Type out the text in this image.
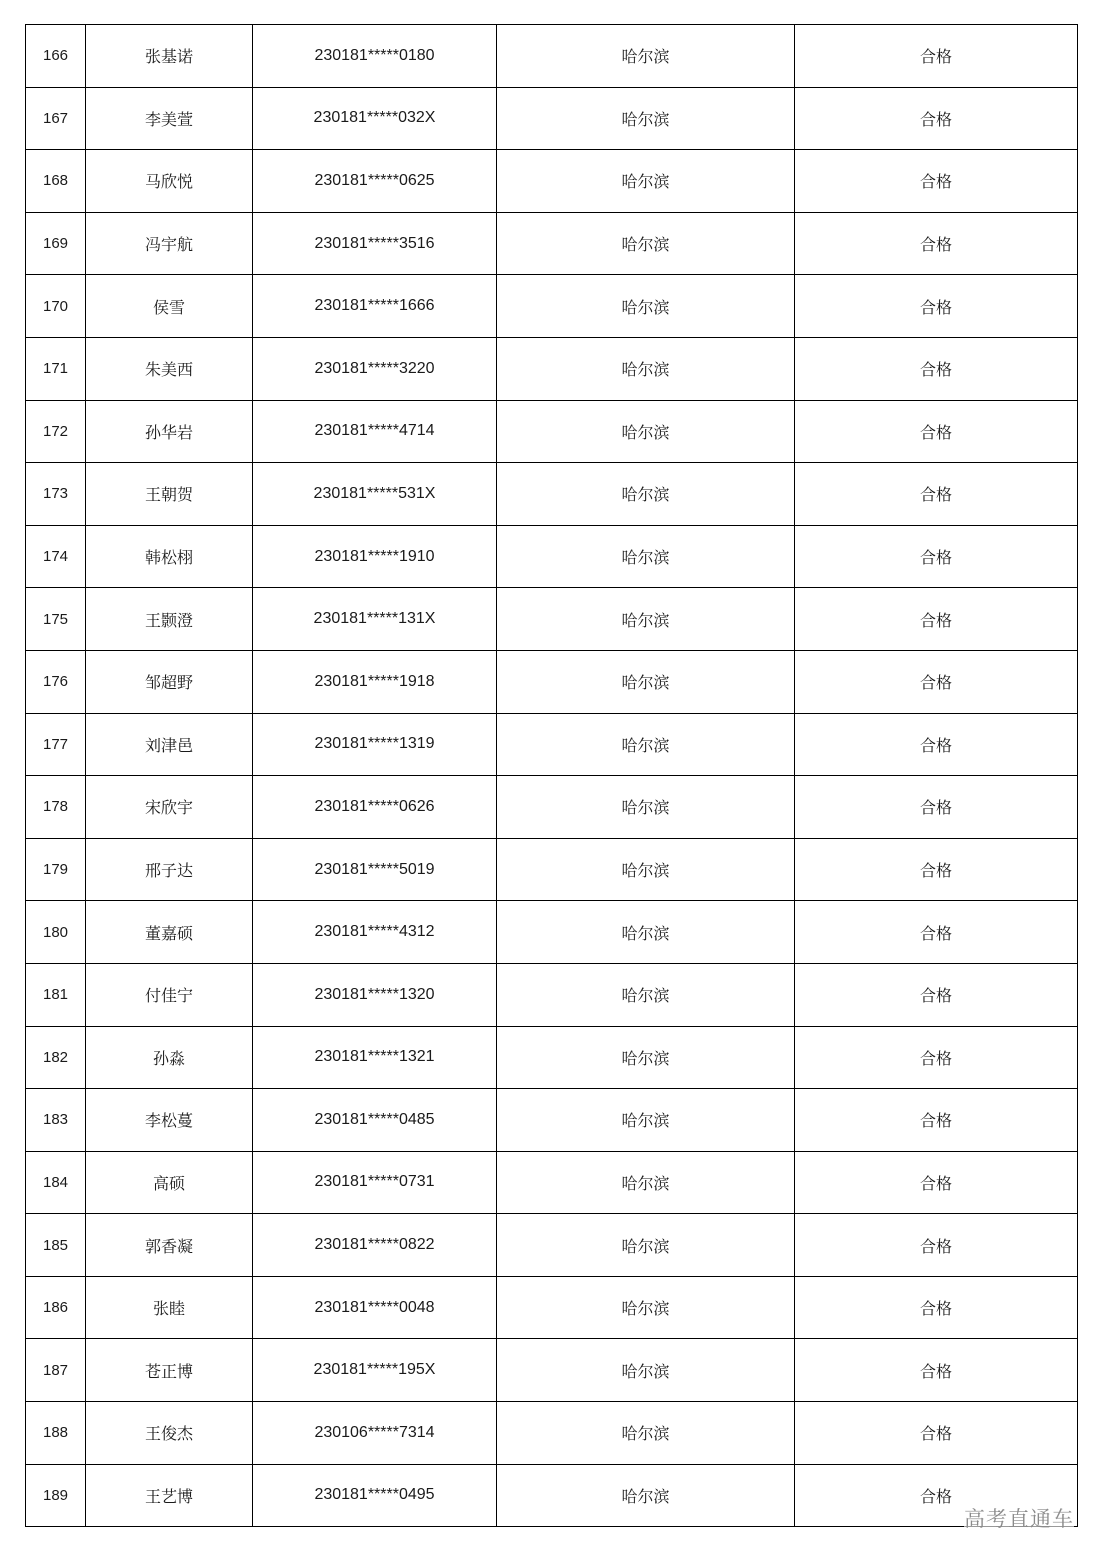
166	张基诺	230181*****0180	哈尔滨	合格
167	李美萱	230181*****032X	哈尔滨	合格
168	马欣悦	230181*****0625	哈尔滨	合格
169	冯宇航	230181*****3516	哈尔滨	合格
170	侯雪	230181*****1666	哈尔滨	合格
171	朱美西	230181*****3220	哈尔滨	合格
172	孙华岩	230181*****4714	哈尔滨	合格
173	王朝贺	230181*****531X	哈尔滨	合格
174	韩松栩	230181*****1910	哈尔滨	合格
175	王颢澄	230181*****131X	哈尔滨	合格
176	邹超野	230181*****1918	哈尔滨	合格
177	刘津邑	230181*****1319	哈尔滨	合格
178	宋欣宇	230181*****0626	哈尔滨	合格
179	邢子达	230181*****5019	哈尔滨	合格
180	董嘉硕	230181*****4312	哈尔滨	合格
181	付佳宁	230181*****1320	哈尔滨	合格
182	孙淼	230181*****1321	哈尔滨	合格
183	李松蔓	230181*****0485	哈尔滨	合格
184	高硕	230181*****0731	哈尔滨	合格
185	郭香凝	230181*****0822	哈尔滨	合格
186	张睦	230181*****0048	哈尔滨	合格
187	苍正博	230181*****195X	哈尔滨	合格
188	王俊杰	230106*****7314	哈尔滨	合格
189	王艺博	230181*****0495	哈尔滨	合格
高考直通车
